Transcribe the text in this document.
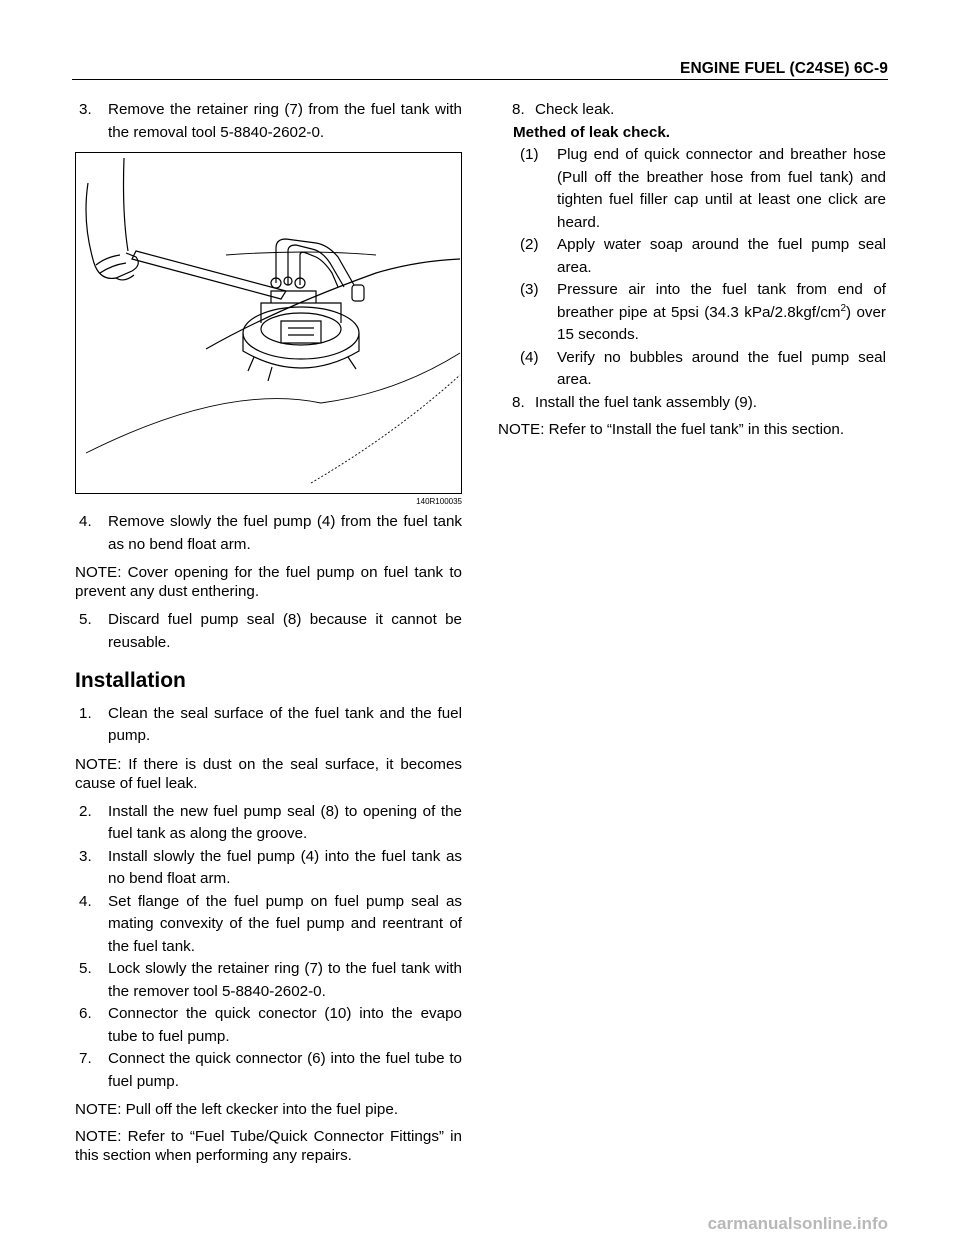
ENGINE FUEL (C24SE) 6C-9
3.	Remove the retainer ring (7) from the fuel tank with the removal tool 5-8840-2602-0.
140R100035
4.	Remove slowly the fuel pump (4) from the fuel tank as no bend float arm.
NOTE: Cover opening for the fuel pump on fuel tank to prevent any dust enthering.
5.	Discard fuel pump seal (8) because it cannot be reusable.
Installation
1.	Clean the seal surface of the fuel tank and the fuel pump.
NOTE: If there is dust on the seal surface, it becomes cause of fuel leak.
2.	Install the new fuel pump seal (8) to opening of the fuel tank as along the groove.
3.	Install slowly the fuel pump (4) into the fuel tank as no bend float arm.
4.	Set flange of the fuel pump on fuel pump seal as mating convexity of the fuel pump and reentrant of the fuel tank.
5.	Lock slowly the retainer ring (7) to the fuel tank with the remover tool 5-8840-2602-0.
6.	Connector the quick conector (10) into the evapo tube to fuel pump.
7.	Connect the quick connector (6) into the fuel tube to fuel pump.
NOTE: Pull off the left ckecker into the fuel pipe.
NOTE: Refer to “Fuel Tube/Quick Connector Fittings” in this section when performing any repairs.
8. Check leak.
Methed of leak check.
(1)	Plug end of quick connector and breather hose (Pull off the breather hose from fuel tank) and tighten fuel filler cap until at least one click are heard.
(2)	Apply water soap around the fuel pump seal area.
(3)	Pressure air into the fuel tank from end of breather pipe at 5psi (34.3 kPa/$2.8kgf/cm^2$) over 15 seconds.
(4)	Verify no bubbles around the fuel pump seal area.
8. Install the fuel tank assembly (9).
NOTE: Refer to “Install the fuel tank” in this section.
carmanualsonline.info
